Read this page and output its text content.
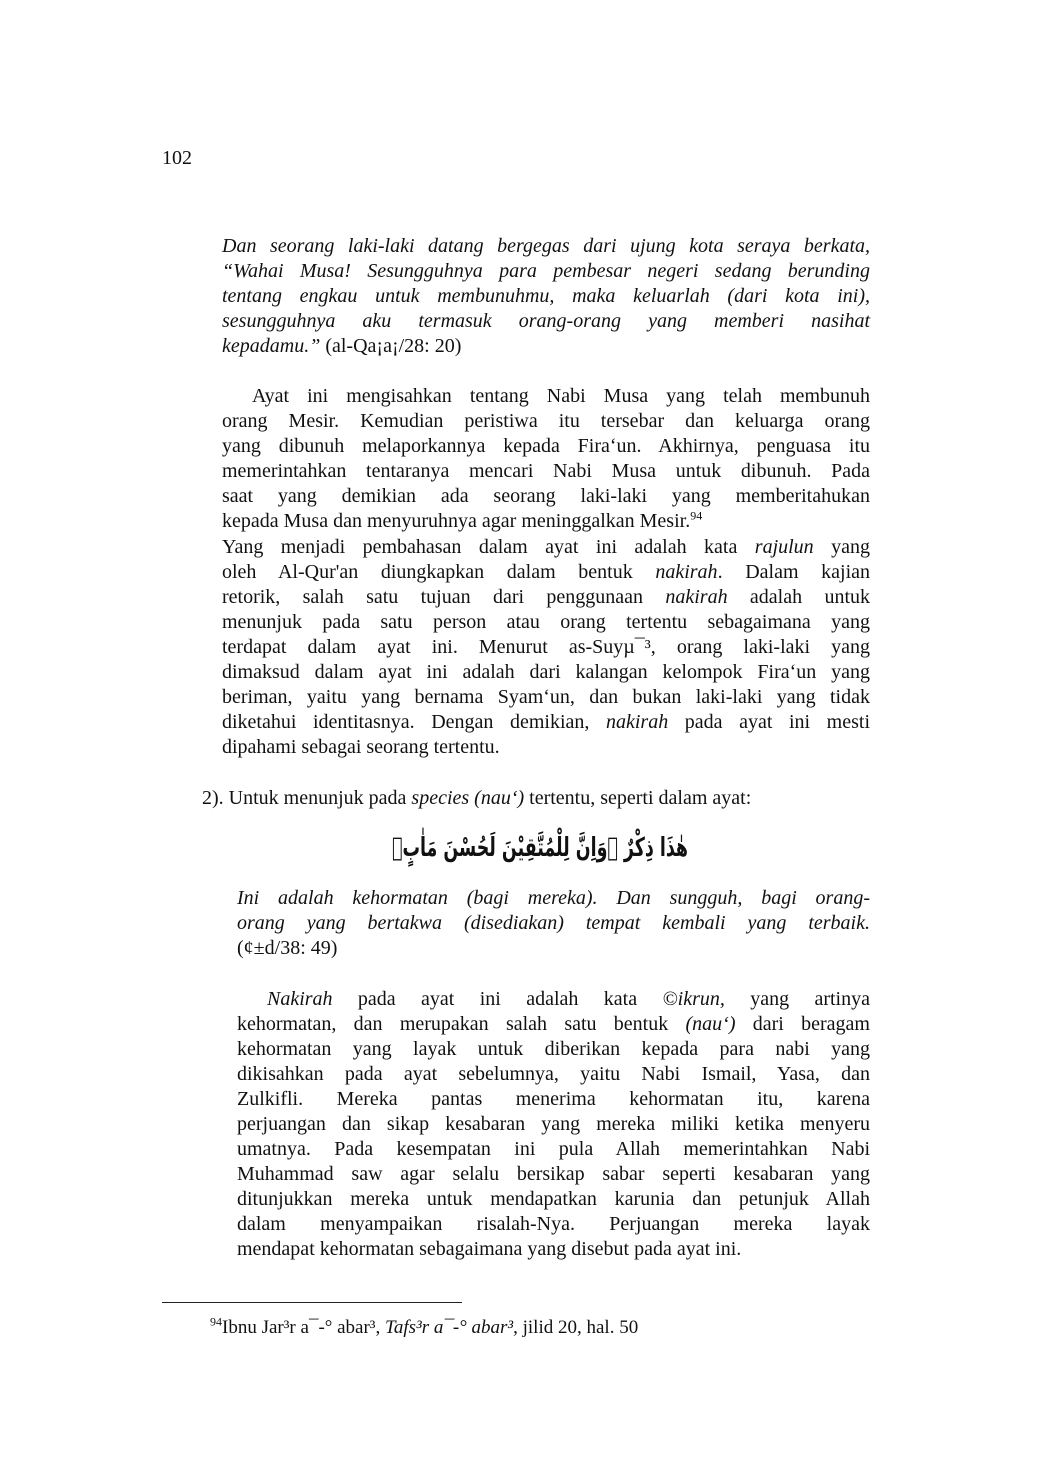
102
Dan seorang laki-laki datang bergegas dari ujung kota seraya berkata,
“Wahai Musa! Sesungguhnya para pembesar negeri sedang berunding
tentang engkau untuk membunuhmu, maka keluarlah (dari kota ini),
sesungguhnya aku termasuk orang-orang yang memberi nasihat
kepadamu.” (al-Qa¡a¡/28: 20)
Ayat ini mengisahkan tentang Nabi Musa yang telah membunuh
orang Mesir. Kemudian peristiwa itu tersebar dan keluarga orang
yang dibunuh melaporkannya kepada Fira‘un. Akhirnya, penguasa itu
memerintahkan tentaranya mencari Nabi Musa untuk dibunuh. Pada
saat yang demikian ada seorang laki-laki yang memberitahukan
kepada Musa dan menyuruhnya agar meninggalkan Mesir.$^{94}$
Yang menjadi pembahasan dalam ayat ini adalah kata rajulun yang
oleh Al-Qur'an diungkapkan dalam bentuk nakirah. Dalam kajian
retorik, salah satu tujuan dari penggunaan nakirah adalah untuk
menunjuk pada satu person atau orang tertentu sebagaimana yang
terdapat dalam ayat ini. Menurut as-Suyµ¯³, orang laki-laki yang
dimaksud dalam ayat ini adalah dari kalangan kelompok Fira‘un yang
beriman, yaitu yang bernama Syam‘un, dan bukan laki-laki yang tidak
diketahui identitasnya. Dengan demikian, nakirah pada ayat ini mesti
dipahami sebagai seorang tertentu.
2). Untuk menunjuk pada species (nau‘) tertentu, seperti dalam ayat:
هٰذَا ذِكْرٌ ۗوَاِنَّ لِلْمُتَّقِيْنَ لَحُسْنَ مَاٰبٍۙ
Ini adalah kehormatan (bagi mereka). Dan sungguh, bagi orang-
orang yang bertakwa (disediakan) tempat kembali yang terbaik.
(¢±d/38: 49)
Nakirah pada ayat ini adalah kata ©ikrun, yang artinya
kehormatan, dan merupakan salah satu bentuk (nau‘) dari beragam
kehormatan yang layak untuk diberikan kepada para nabi yang
dikisahkan pada ayat sebelumnya, yaitu Nabi Ismail, Yasa, dan
Zulkifli. Mereka pantas menerima kehormatan itu, karena
perjuangan dan sikap kesabaran yang mereka miliki ketika menyeru
umatnya. Pada kesempatan ini pula Allah memerintahkan Nabi
Muhammad saw agar selalu bersikap sabar seperti kesabaran yang
ditunjukkan mereka untuk mendapatkan karunia dan petunjuk Allah
dalam menyampaikan risalah-Nya. Perjuangan mereka layak
mendapat kehormatan sebagaimana yang disebut pada ayat ini.
$^{94}$Ibnu Jar³r a¯-° abar³, Tafs³r a¯-° abar³, jilid 20, hal. 50
